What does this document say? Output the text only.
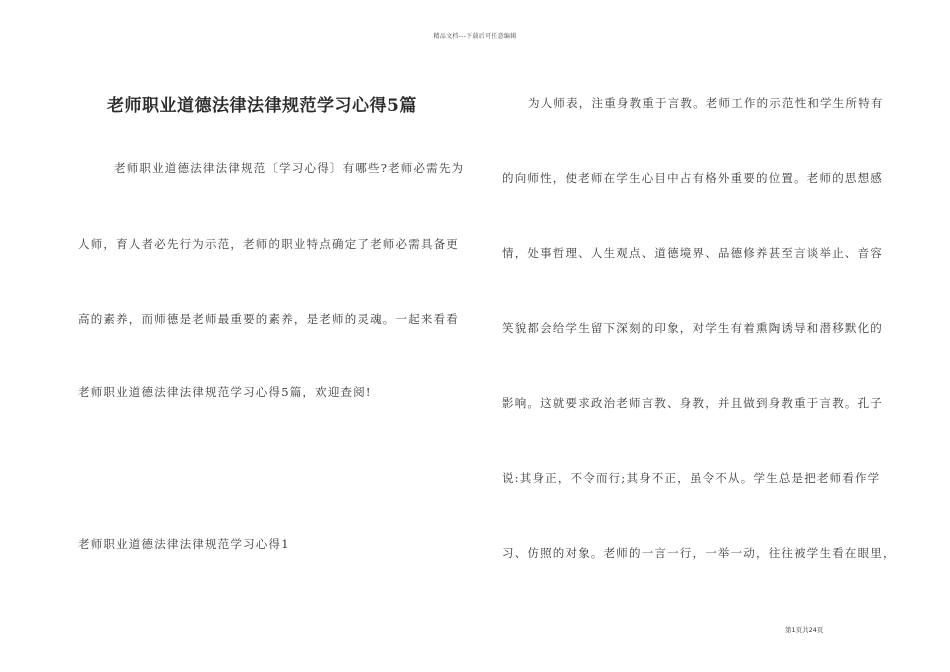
精品文档---下载后可任意编辑
老师职业道德法律法律规范学习心得5篇
老师职业道德法律法律规范〔学习心得〕有哪些?老师必需先为
人师，育人者必先行为示范，老师的职业特点确定了老师必需具备更
高的素养，而师德是老师最重要的素养，是老师的灵魂。一起来看看
老师职业道德法律法律规范学习心得5篇，欢迎查阅!
老师职业道德法律法律规范学习心得1
为人师表，注重身教重于言教。老师工作的示范性和学生所特有
的向师性，使老师在学生心目中占有格外重要的位置。老师的思想感
情，处事哲理、人生观点、道德境界、品德修养甚至言谈举止、音容
笑貌都会给学生留下深刻的印象，对学生有着熏陶诱导和潜移默化的
影响。这就要求政治老师言教、身教，并且做到身教重于言教。孔子
说:其身正，不令而行;其身不正，虽令不从。学生总是把老师看作学
习、仿照的对象。老师的一言一行，一举一动，往往被学生看在眼里，
第1页共24页
